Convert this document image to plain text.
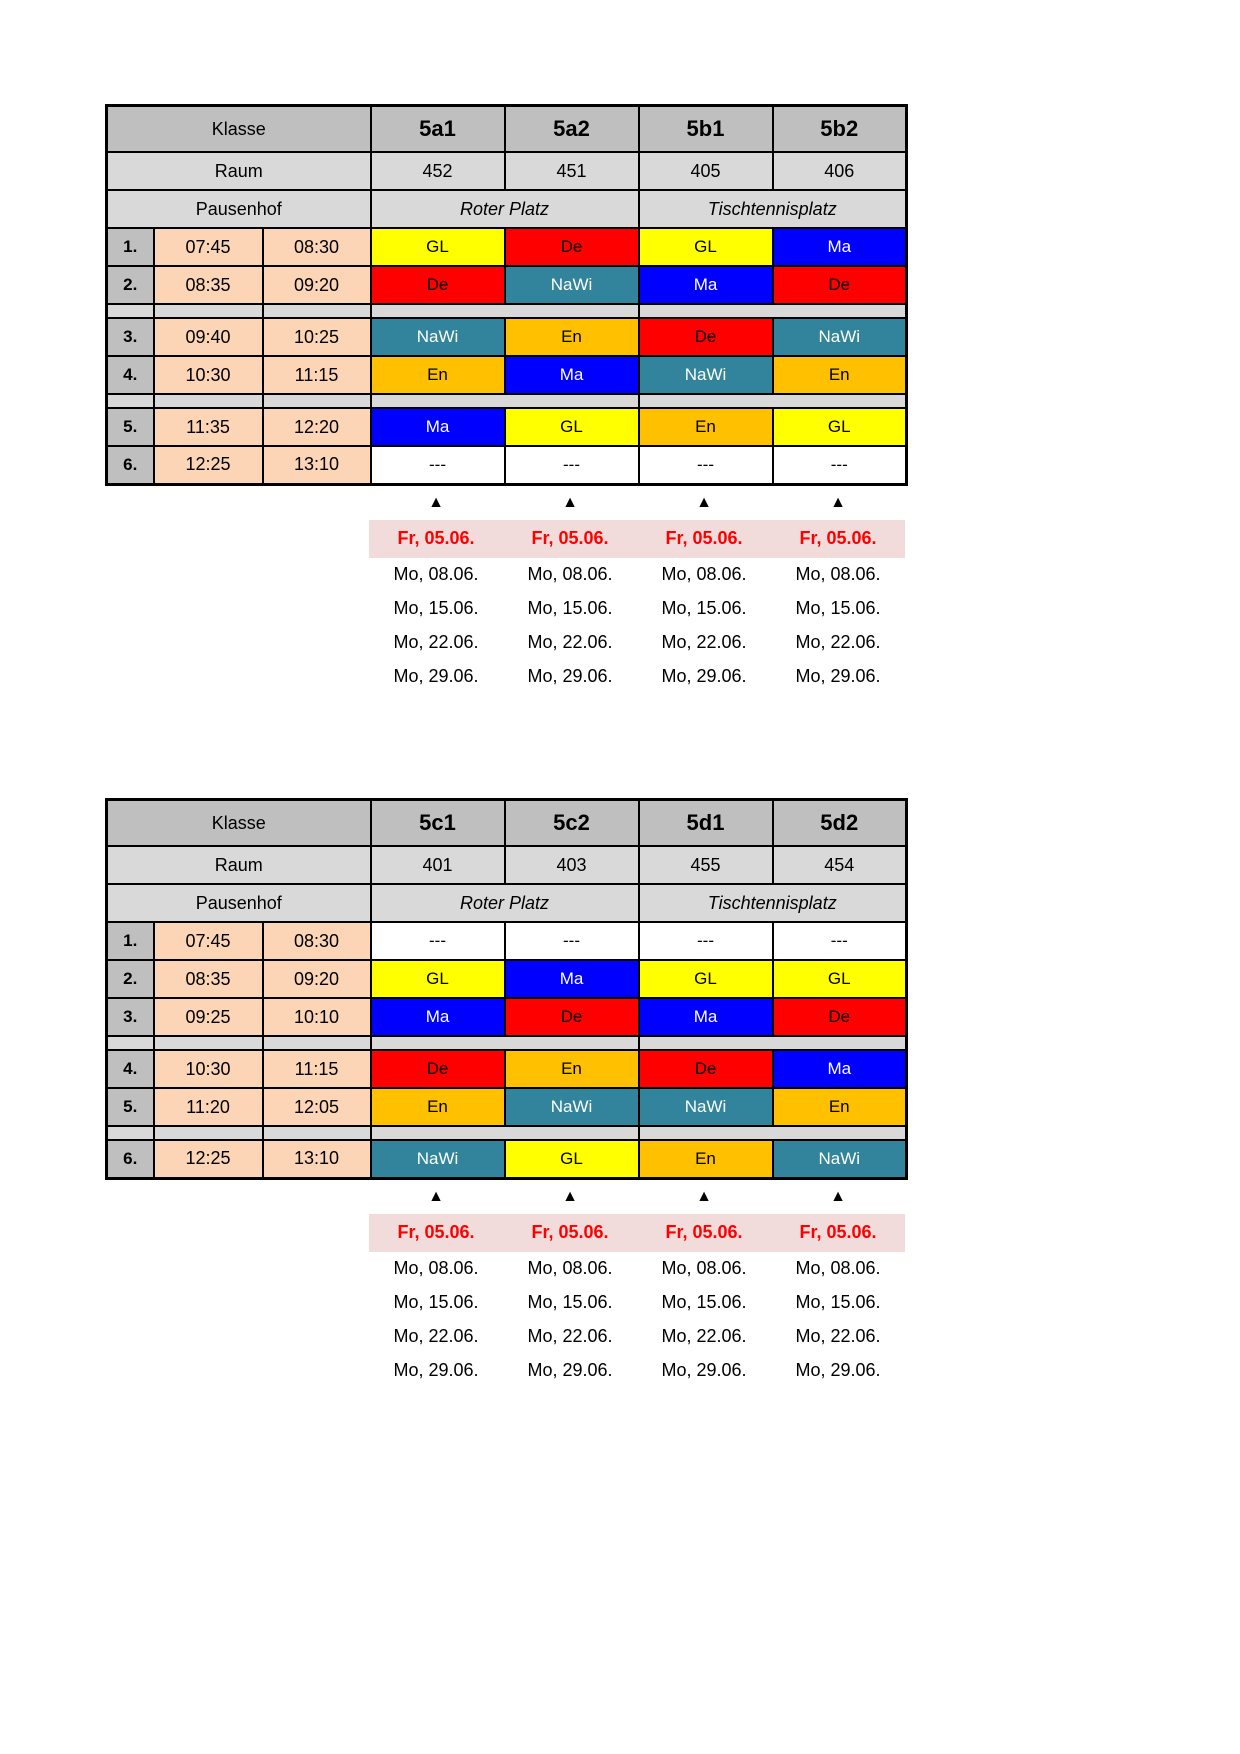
Klasse			5a1	5a2	5b1	5b2
Raum			452	451	405	406
Pausenhof			Roter Platz		Tischtennisplatz	
1.	07:45	08:30	GL	De	GL	Ma
2.	08:35	09:20	De	NaWi	Ma	De

3.	09:40	10:25	NaWi	En	De	NaWi
4.	10:30	11:15	En	Ma	NaWi	En

5.	11:35	12:20	Ma	GL	En	GL
6.	12:25	13:10	---	---	---	---
▲	▲	▲	▲
Fr, 05.06.	Fr, 05.06.	Fr, 05.06.	Fr, 05.06.
Mo, 08.06.	Mo, 08.06.	Mo, 08.06.	Mo, 08.06.
Mo, 15.06.	Mo, 15.06.	Mo, 15.06.	Mo, 15.06.
Mo, 22.06.	Mo, 22.06.	Mo, 22.06.	Mo, 22.06.
Mo, 29.06.	Mo, 29.06.	Mo, 29.06.	Mo, 29.06.
Klasse			5c1	5c2	5d1	5d2
Raum			401	403	455	454
Pausenhof			Roter Platz		Tischtennisplatz	
1.	07:45	08:30	---	---	---	---
2.	08:35	09:20	GL	Ma	GL	GL
3.	09:25	10:10	Ma	De	Ma	De

4.	10:30	11:15	De	En	De	Ma
5.	11:20	12:05	En	NaWi	NaWi	En

6.	12:25	13:10	NaWi	GL	En	NaWi
▲	▲	▲	▲
Fr, 05.06.	Fr, 05.06.	Fr, 05.06.	Fr, 05.06.
Mo, 08.06.	Mo, 08.06.	Mo, 08.06.	Mo, 08.06.
Mo, 15.06.	Mo, 15.06.	Mo, 15.06.	Mo, 15.06.
Mo, 22.06.	Mo, 22.06.	Mo, 22.06.	Mo, 22.06.
Mo, 29.06.	Mo, 29.06.	Mo, 29.06.	Mo, 29.06.
